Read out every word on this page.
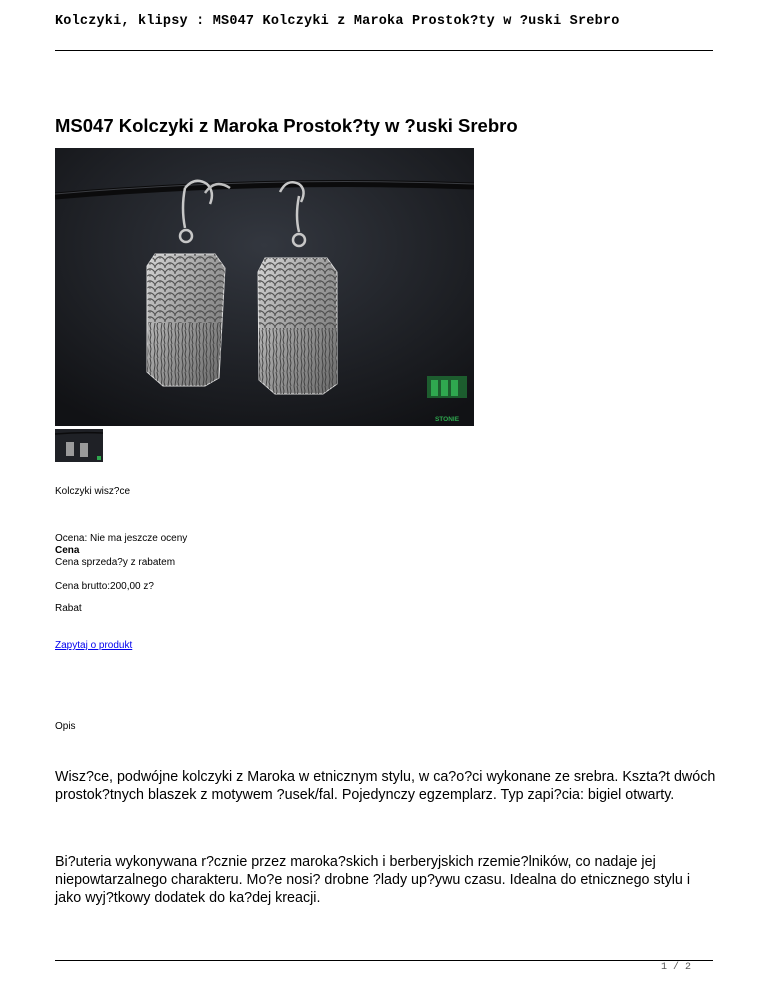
Kolczyki, klipsy : MS047 Kolczyki z Maroka Prostok?ty w ?uski Srebro
MS047 Kolczyki z Maroka Prostok?ty w ?uski Srebro
STONIE
Kolczyki wisz?ce
Ocena: Nie ma jeszcze oceny
Cena
Cena sprzeda?y z rabatem
Cena brutto:200,00 z?
Rabat
Zapytaj o produkt
Opis

Wisz?ce, podwójne kolczyki z Maroka w etnicznym stylu, w ca?o?ci wykonane ze srebra. Kszta?t dwóch prostok?tnych blaszek z motywem ?usek/fal. Pojedynczy egzemplarz. Typ zapi?cia: bigiel otwarty.

Bi?uteria wykonywana r?cznie przez maroka?skich i berberyjskich rzemie?lników, co nadaje jej niepowtarzalnego charakteru. Mo?e nosi? drobne ?lady up?ywu czasu. Idealna do etnicznego stylu i jako wyj?tkowy dodatek do ka?dej kreacji.

1 / 2
